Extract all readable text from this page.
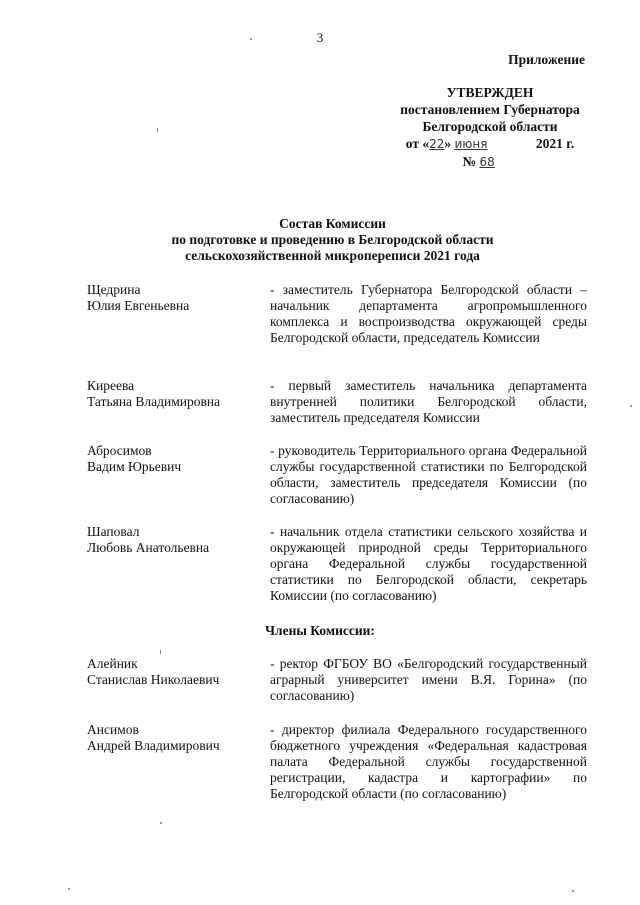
3
Приложение
УТВЕРЖДЕН
постановлением Губернатора
Белгородской области
от «22» июня	2021 г.
№ 68
Состав Комиссии
по подготовке и проведению в Белгородской области
сельскохозяйственной микропереписи 2021 года
Щедрина
Юлия Евгеньевна
- заместитель Губернатора Белгородской области – начальник департамента агропромышленного комплекса и воспроизводства окружающей среды Белгородской области, председатель Комиссии
Киреева
Татьяна Владимировна
- первый заместитель начальника департамента внутренней политики Белгородской области, заместитель председателя Комиссии
Абросимов
Вадим Юрьевич
- руководитель Территориального органа Федеральной службы государственной статистики по Белгородской области, заместитель председателя Комиссии (по согласованию)
Шаповал
Любовь Анатольевна
- начальник отдела статистики сельского хозяйства и окружающей природной среды Территориального органа Федеральной службы государственной статистики по Белгородской области, секретарь Комиссии (по согласованию)
Члены Комиссии:
Алейник
Станислав Николаевич
- ректор ФГБОУ ВО «Белгородский государственный аграрный университет имени В.Я. Горина» (по согласованию)
Ансимов
Андрей Владимирович
- директор филиала Федерального государственного бюджетного учреждения «Федеральная кадастровая палата Федеральной службы государственной регистрации, кадастра и картографии» по Белгородской области (по согласованию)
